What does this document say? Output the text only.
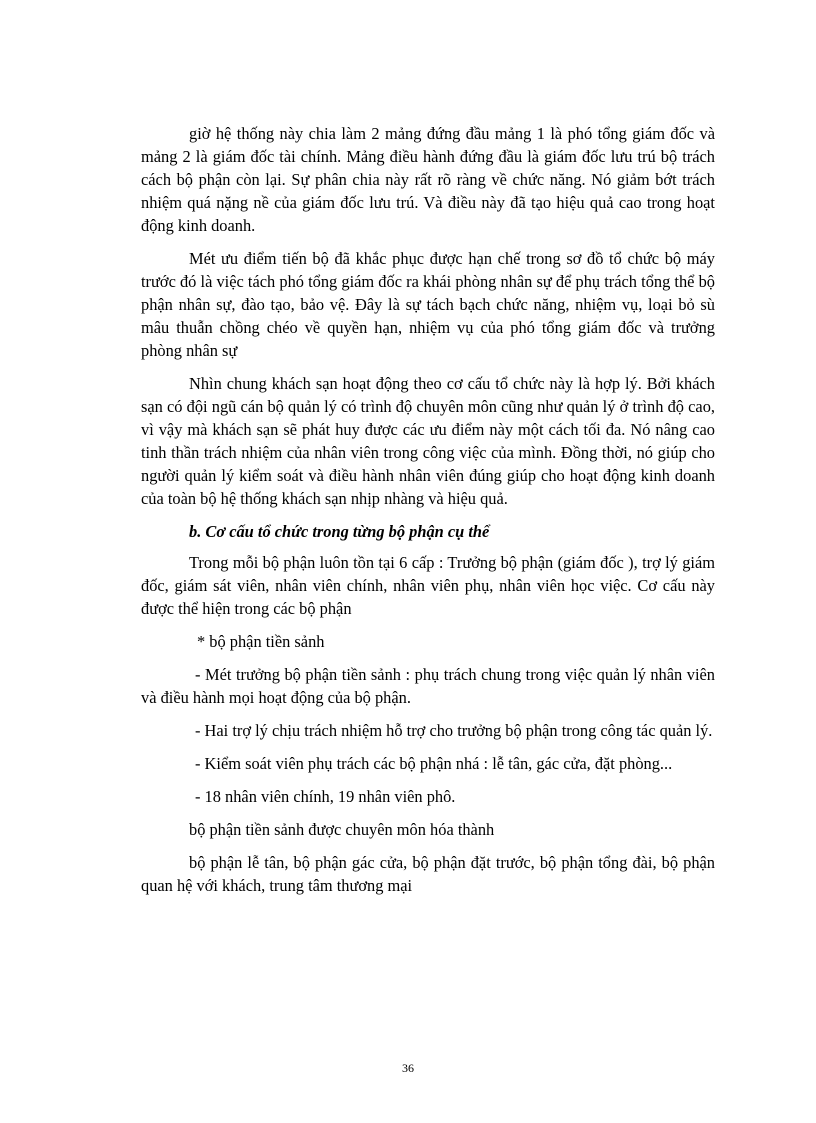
giờ hệ thống này chia làm 2 mảng đứng đầu mảng 1 là phó tổng giám đốc và mảng 2 là giám đốc tài chính. Mảng điều hành đứng đầu là giám đốc lưu trú bộ trách cách bộ phận còn lại. Sự phân chia này rất rõ ràng về chức năng. Nó giảm bớt trách nhiệm quá nặng nề của giám đốc lưu trú. Và điều này đã tạo hiệu quả cao trong hoạt động kinh doanh.

Mét ưu điểm tiến bộ đã khắc phục được hạn chế trong sơ đồ tổ chức bộ máy trước đó là việc tách phó tổng giám đốc ra khái phòng nhân sự để phụ trách tổng thể bộ phận nhân sự, đào tạo, bảo vệ. Đây là sự tách bạch chức năng, nhiệm vụ, loại bỏ sù mâu thuẫn chồng chéo về quyền hạn, nhiệm vụ của phó tổng giám đốc và trưởng phòng nhân sự

Nhìn chung khách sạn hoạt động theo cơ cấu tổ chức này là hợp lý. Bởi khách sạn có đội ngũ cán bộ quản lý có trình độ chuyên môn cũng như quản lý ở trình độ cao, vì vậy mà khách sạn sẽ phát huy được các ưu điểm này một cách tối đa. Nó nâng cao tinh thần trách nhiệm của nhân viên trong công việc của mình. Đồng thời, nó giúp cho người quản lý kiểm soát và điều hành nhân viên đúng giúp cho hoạt động kinh doanh của toàn bộ hệ thống khách sạn nhịp nhàng và hiệu quả.

b. Cơ cấu tổ chức trong từng bộ phận cụ thể

Trong mỗi bộ phận luôn tồn tại 6 cấp : Trưởng bộ phận (giám đốc ), trợ lý giám đốc, giám sát viên, nhân viên chính, nhân viên phụ, nhân viên học việc. Cơ cấu này được thể hiện trong các bộ phận

* bộ phận tiền sảnh

- Mét trưởng bộ phận tiền sảnh : phụ trách chung trong việc quản lý nhân viên và điều hành mọi hoạt động của bộ phận.

- Hai trợ lý chịu trách nhiệm hỗ trợ cho trưởng bộ phận trong công tác quản lý.

- Kiểm soát viên phụ trách các bộ phận nhá : lễ tân, gác cửa, đặt phòng...

- 18 nhân viên chính, 19 nhân viên phô.

bộ phận tiền sảnh được chuyên môn hóa thành

bộ phận lễ tân, bộ phận gác cửa, bộ phận đặt trước, bộ phận tổng đài, bộ phận quan hệ với khách, trung tâm thương mại

36
